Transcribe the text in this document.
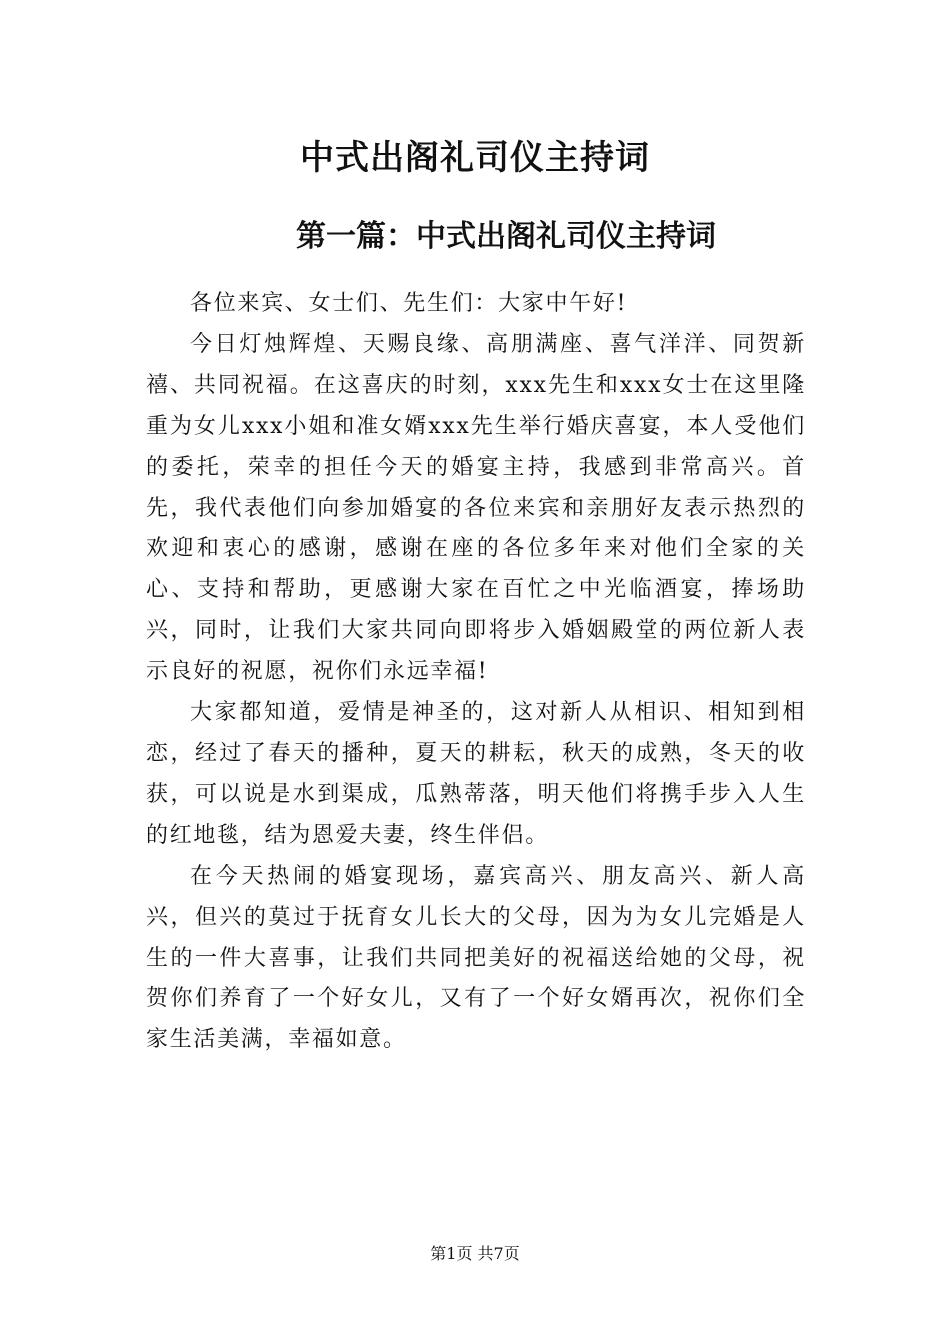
中式出阁礼司仪主持词
第一篇：中式出阁礼司仪主持词

各位来宾、女士们、先生们：大家中午好!

今日灯烛辉煌、天赐良缘、高朋满座、喜气洋洋、同贺新禧、共同祝福。在这喜庆的时刻，xxx先生和xxx女士在这里隆重为女儿xxx小姐和准女婿xxx先生举行婚庆喜宴，本人受他们的委托，荣幸的担任今天的婚宴主持，我感到非常高兴。首先，我代表他们向参加婚宴的各位来宾和亲朋好友表示热烈的欢迎和衷心的感谢，感谢在座的各位多年来对他们全家的关心、支持和帮助，更感谢大家在百忙之中光临酒宴，捧场助兴，同时，让我们大家共同向即将步入婚姻殿堂的两位新人表示良好的祝愿，祝你们永远幸福!

大家都知道，爱情是神圣的，这对新人从相识、相知到相恋，经过了春天的播种，夏天的耕耘，秋天的成熟，冬天的收获，可以说是水到渠成，瓜熟蒂落，明天他们将携手步入人生的红地毯，结为恩爱夫妻，终生伴侣。

在今天热闹的婚宴现场，嘉宾高兴、朋友高兴、新人高兴，但兴的莫过于抚育女儿长大的父母，因为为女儿完婚是人生的一件大喜事，让我们共同把美好的祝福送给她的父母，祝贺你们养育了一个好女儿，又有了一个好女婿再次，祝你们全家生活美满，幸福如意。

第1页 共7页
